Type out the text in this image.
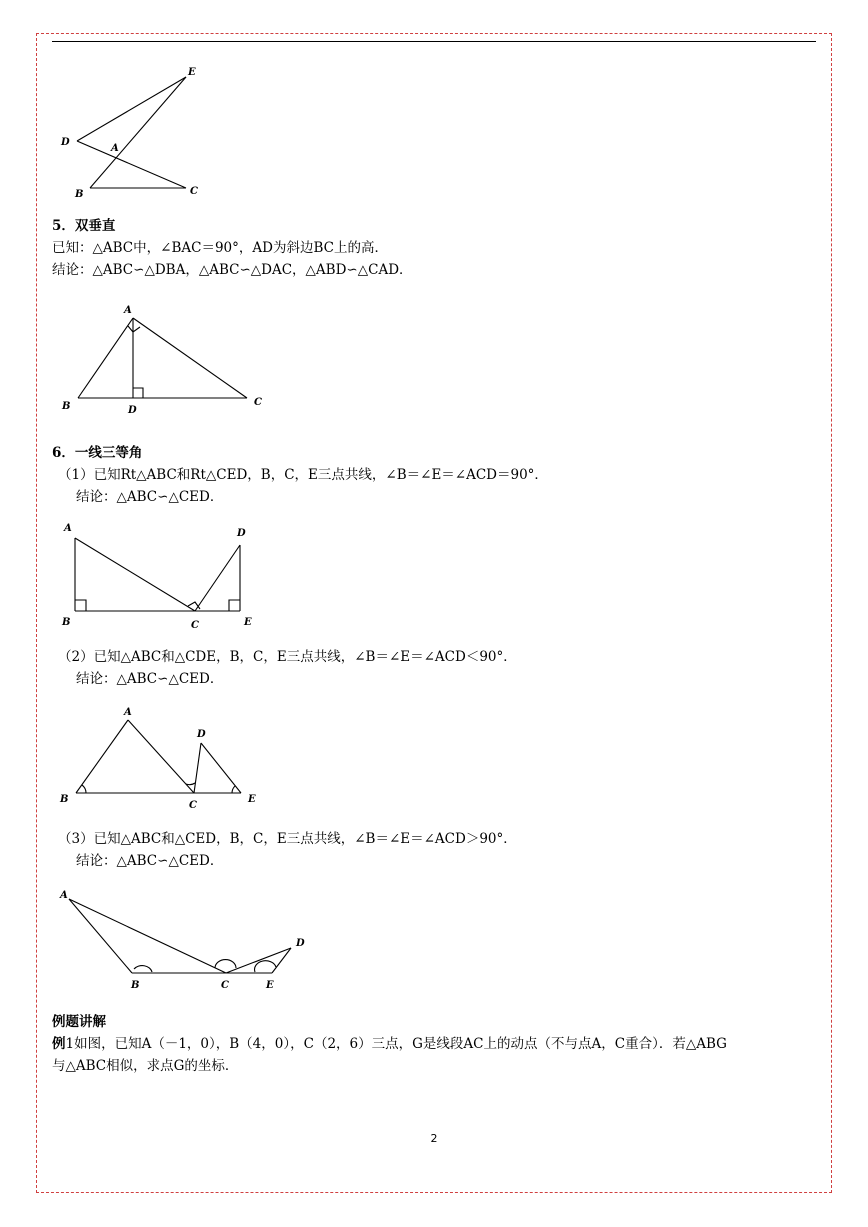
E
D
A
B	C
5．双垂直
已知：△ABC中，∠BAC＝90°，AD为斜边BC上的高．
结论：△ABC∽△DBA，△ABC∽△DAC，△ABD∽△CAD．
A
B	D
C
6．一线三等角
（1）已知Rt△ABC和Rt△CED，B，C，E三点共线，∠B＝∠E＝∠ACD＝90°．
结论：△ABC∽△CED．
A	D
B	C	E
（2）已知△ABC和△CDE，B，C，E三点共线，∠B＝∠E＝∠ACD＜90°．
结论：△ABC∽△CED．
A
D
B
C
E
（3）已知△ABC和△CED，B，C，E三点共线，∠B＝∠E＝∠ACD＞90°．
结论：△ABC∽△CED．
A
D
B	C	E
例题讲解
例1如图，已知A（－1，0），B（4，0），C（2，6）三点，G是线段AC上的动点（不与点A，C重合）．若△ABG
与△ABC相似，求点G的坐标．
2
